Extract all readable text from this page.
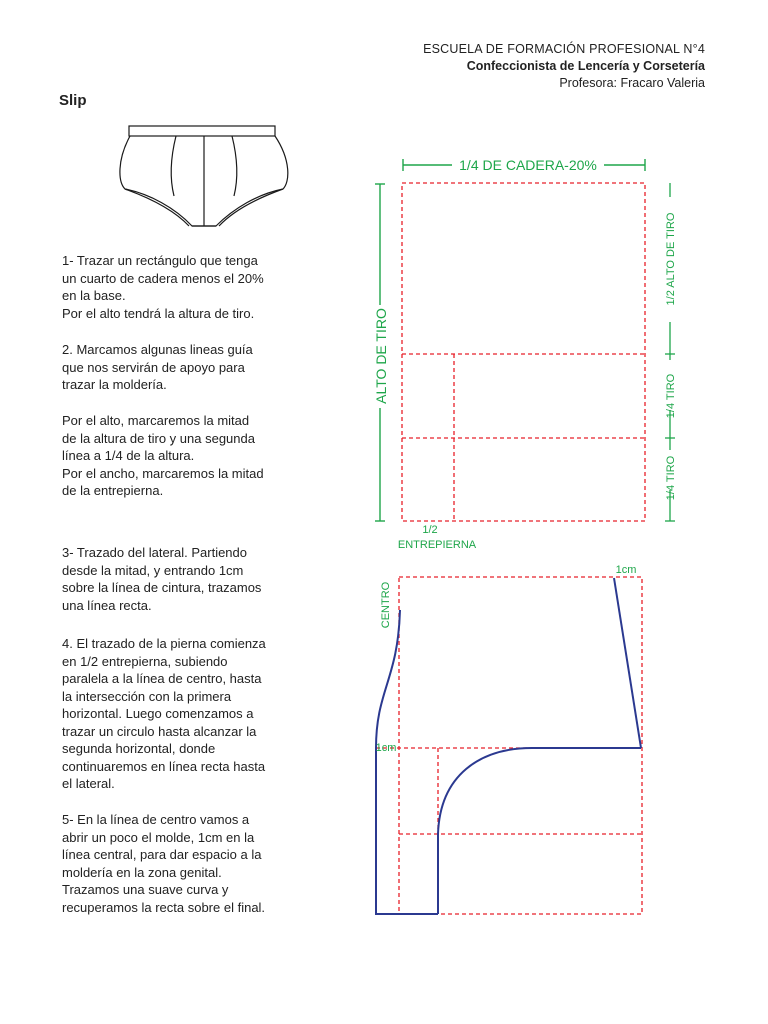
ESCUELA DE FORMACIÓN PROFESIONAL N°4
Confeccionista de Lencería y Corsetería
Profesora: Fracaro Valeria
Slip

1- Trazar un rectángulo que tenga
un cuarto de cadera menos el 20%
en la base.
Por el alto tendrá la altura de tiro.

2. Marcamos algunas lineas guía
que nos servirán de apoyo para
trazar la moldería.

Por el alto, marcaremos la mitad
de la altura de tiro y una segunda
línea a 1/4 de la altura.
Por el ancho, marcaremos la mitad
de la entrepierna.

3- Trazado del lateral. Partiendo
desde la mitad, y entrando 1cm
sobre la línea de cintura, trazamos
una línea recta.

4. El trazado de la pierna comienza
en 1/2 entrepierna, subiendo
paralela a la línea de centro, hasta
la intersección con la primera
horizontal. Luego comenzamos a
trazar un circulo hasta alcanzar la
segunda horizontal, donde
continuaremos en línea recta hasta
el lateral.

5- En la línea de centro vamos a
abrir un poco el molde, 1cm en la
línea central, para dar espacio a la
moldería en la zona genital.
Trazamos una suave curva y
recuperamos la recta sobre el final.

1/4 DE CADERA-20%
ALTO DE TIRO
1/2 ALTO DE TIRO
1/4 TIRO
1/4 TIRO
1/2
ENTREPIERNA
CENTRO
1cm
1cm
